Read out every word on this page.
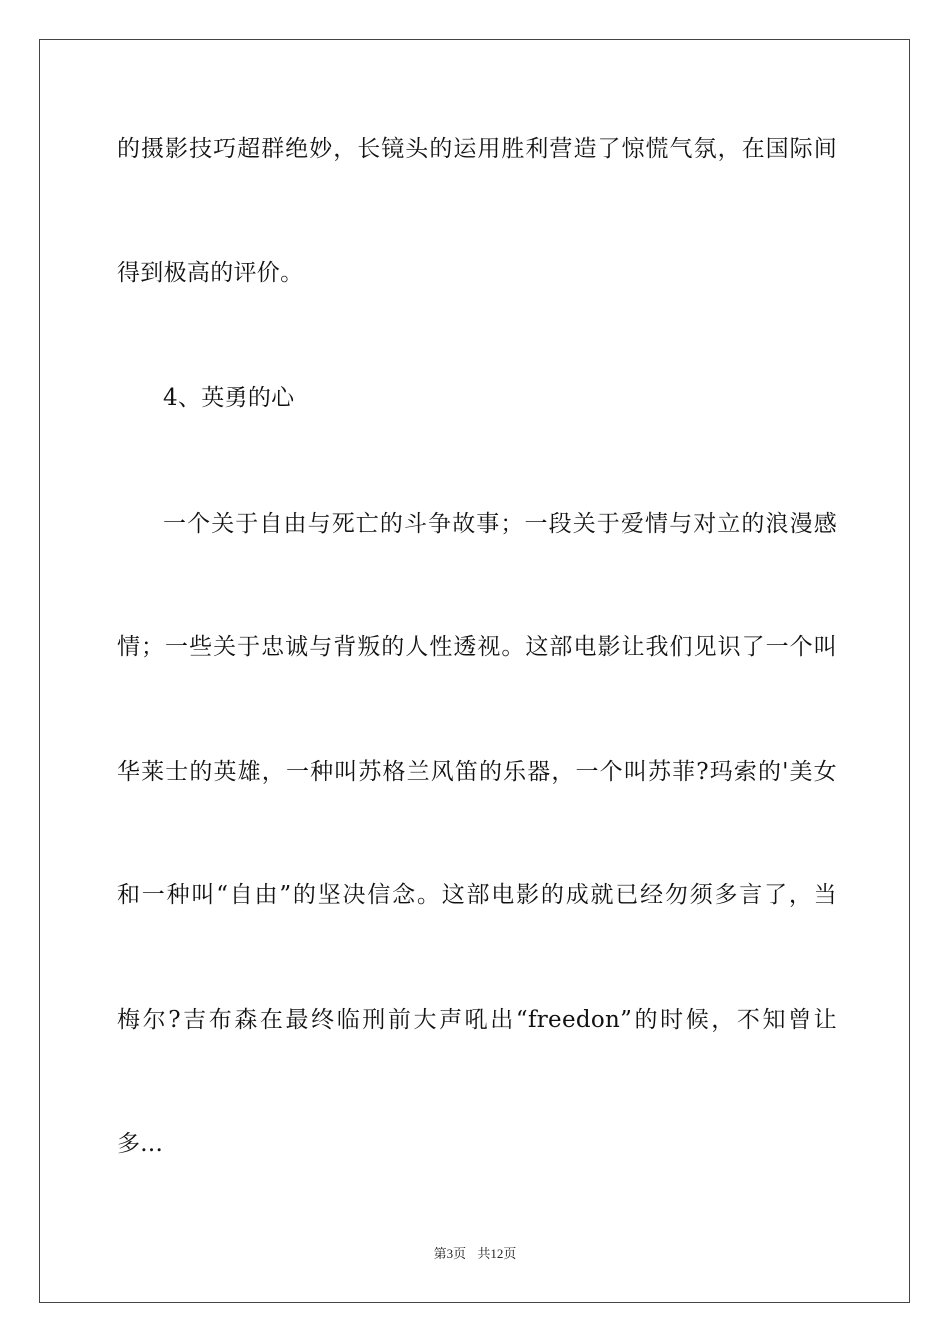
的摄影技巧超群绝妙，长镜头的运用胜利营造了惊慌气氛，在国际间
得到极高的评价。
4、英勇的心
一个关于自由与死亡的斗争故事；一段关于爱情与对立的浪漫感
情；一些关于忠诚与背叛的人性透视。这部电影让我们见识了一个叫
华莱士的英雄，一种叫苏格兰风笛的乐器，一个叫苏菲?玛索的'美女
和一种叫“自由”的坚决信念。这部电影的成就已经勿须多言了，当
梅尔?吉布森在最终临刑前大声吼出“freedon”的时候，不知曾让
多...
第3页 共12页
